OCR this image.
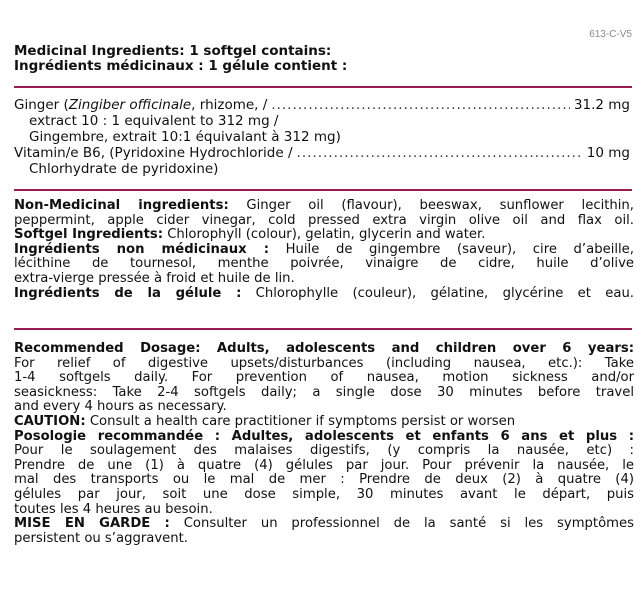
613-C-V5
Medicinal Ingredients: 1 softgel contains:
Ingrédients médicinaux : 1 gélule contient :
Ginger (Zingiber officinale, rhizome, / .....	31.2 mg
extract 10 : 1 equivalent to 312 mg /
Gingembre, extrait 10:1 équivalant à 312 mg)
Vitamin/e B6, (Pyridoxine Hydrochloride / .....	10 mg
Chlorhydrate de pyridoxine)

Non-Medicinal ingredients: Ginger oil (flavour), beeswax, sunflower lecithin,

peppermint, apple cider vinegar, cold pressed extra virgin olive oil and flax oil.

Softgel Ingredients: Chlorophyll (colour), gelatin, glycerin and water.

Ingrédients non médicinaux : Huile de gingembre (saveur), cire d’abeille,

lécithine de tournesol, menthe poivrée, vinaigre de cidre, huile d’olive

extra-vierge pressée à froid et huile de lin.

Ingrédients de la gélule : Chlorophylle (couleur), gélatine, glycérine et eau.

Recommended Dosage: Adults, adolescents and children over 6 years:

For relief of digestive upsets/disturbances (including nausea, etc.): Take

1-4 softgels daily. For prevention of nausea, motion sickness and/or

seasickness: Take 2-4 softgels daily; a single dose 30 minutes before travel

and every 4 hours as necessary.

CAUTION: Consult a health care practitioner if symptoms persist or worsen

Posologie recommandée : Adultes, adolescents et enfants 6 ans et plus :

Pour le soulagement des malaises digestifs, (y compris la nausée, etc) :

Prendre de une (1) à quatre (4) gélules par jour. Pour prévenir la nausée, le

mal des transports ou le mal de mer : Prendre de deux (2) à quatre (4)

gélules par jour, soit une dose simple, 30 minutes avant le départ, puis

toutes les 4 heures au besoin.

MISE EN GARDE : Consulter un professionnel de la santé si les symptômes

persistent ou s’aggravent.
